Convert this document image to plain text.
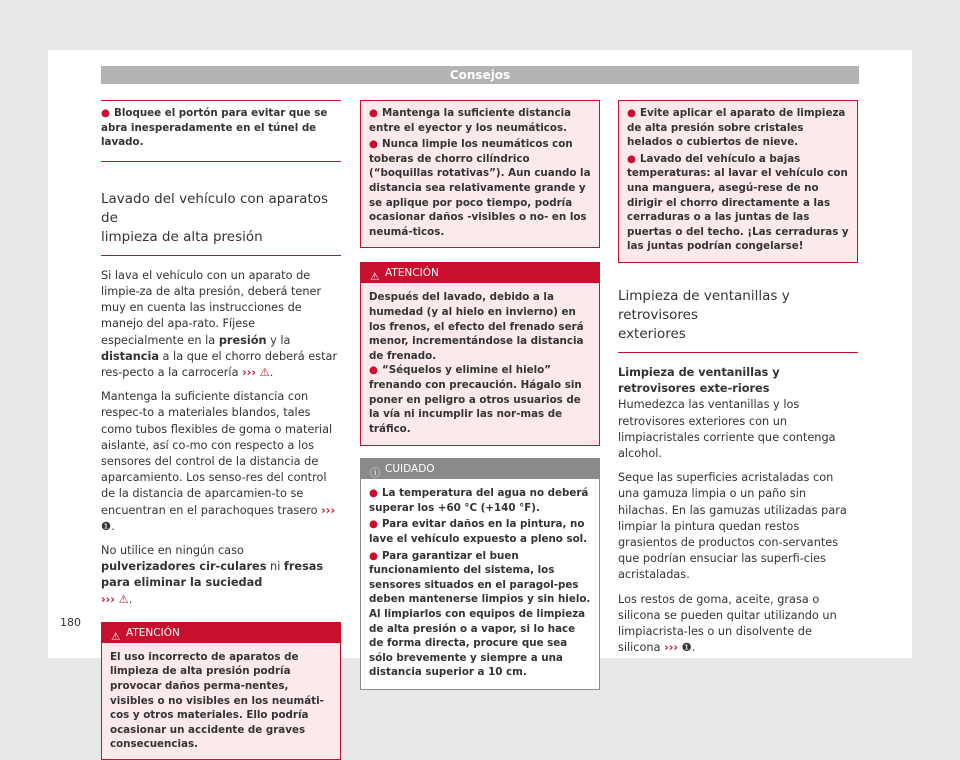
Consejos
● Bloquee el portón para evitar que se abra inesperadamente en el túnel de lavado.
Lavado del vehículo con aparatos de
limpieza de alta presión

Si lava el vehículo con un aparato de limpie-za de alta presión, deberá tener muy en cuenta las instrucciones de manejo del apa-rato. Fíjese especialmente en la presión y la distancia a la que el chorro deberá estar res-pecto a la carrocería ››› ⚠.

Mantenga la suficiente distancia con respec-to a materiales blandos, tales como tubos flexibles de goma o material aislante, así co-mo con respecto a los sensores del control de la distancia de aparcamiento. Los senso-res del control de la distancia de aparcamien-to se encuentran en el parachoques trasero ››› ❶.

No utilice en ningún caso pulverizadores cir-culares ni fresas para eliminar la suciedad
››› ⚠.

⚠ ATENCIÓN
El uso incorrecto de aparatos de limpieza de alta presión podría provocar daños perma-nentes, visibles o no visibles en los neumáti-cos y otros materiales. Ello podría ocasionar un accidente de graves consecuencias.
● Mantenga la suficiente distancia entre el eyector y los neumáticos.
● Nunca limpie los neumáticos con toberas de chorro cilíndrico (“boquillas rotativas”). Aun cuando la distancia sea relativamente grande y se aplique por poco tiempo, podría ocasionar daños -visibles o no- en los neumá-ticos.
⚠ ATENCIÓN
Después del lavado, debido a la humedad (y al hielo en invierno) en los frenos, el efecto del frenado será menor, incrementándose la distancia de frenado.
● “Séquelos y elimine el hielo” frenando con precaución. Hágalo sin poner en peligro a otros usuarios de la vía ni incumplir las nor-mas de tráfico.
ⓘ CUIDADO
● La temperatura del agua no deberá superar los +60 °C (+140 °F).
● Para evitar daños en la pintura, no lave el vehículo expuesto a pleno sol.
● Para garantizar el buen funcionamiento del sistema, los sensores situados en el paragol-pes deben mantenerse limpios y sin hielo. Al limpiarlos con equipos de limpieza de alta presión o a vapor, si lo hace de forma directa, procure que sea sólo brevemente y siempre a una distancia superior a 10 cm.
● Evite aplicar el aparato de limpieza de alta presión sobre cristales helados o cubiertos de nieve.
● Lavado del vehículo a bajas temperaturas: al lavar el vehículo con una manguera, asegú-rese de no dirigir el chorro directamente a las cerraduras o a las juntas de las puertas o del techo. ¡Las cerraduras y las juntas podrían congelarse!
Limpieza de ventanillas y retrovisores
exteriores

Limpieza de ventanillas y retrovisores exte-riores

Humedezca las ventanillas y los retrovisores exteriores con un limpiacristales corriente que contenga alcohol.

Seque las superficies acristaladas con una gamuza limpia o un paño sin hilachas. En las gamuzas utilizadas para limpiar la pintura quedan restos grasientos de productos con-servantes que podrían ensuciar las superfi-cies acristaladas.

Los restos de goma, aceite, grasa o silicona se pueden quitar utilizando un limpiacrista-les o un disolvente de silicona ››› ❶.

180
